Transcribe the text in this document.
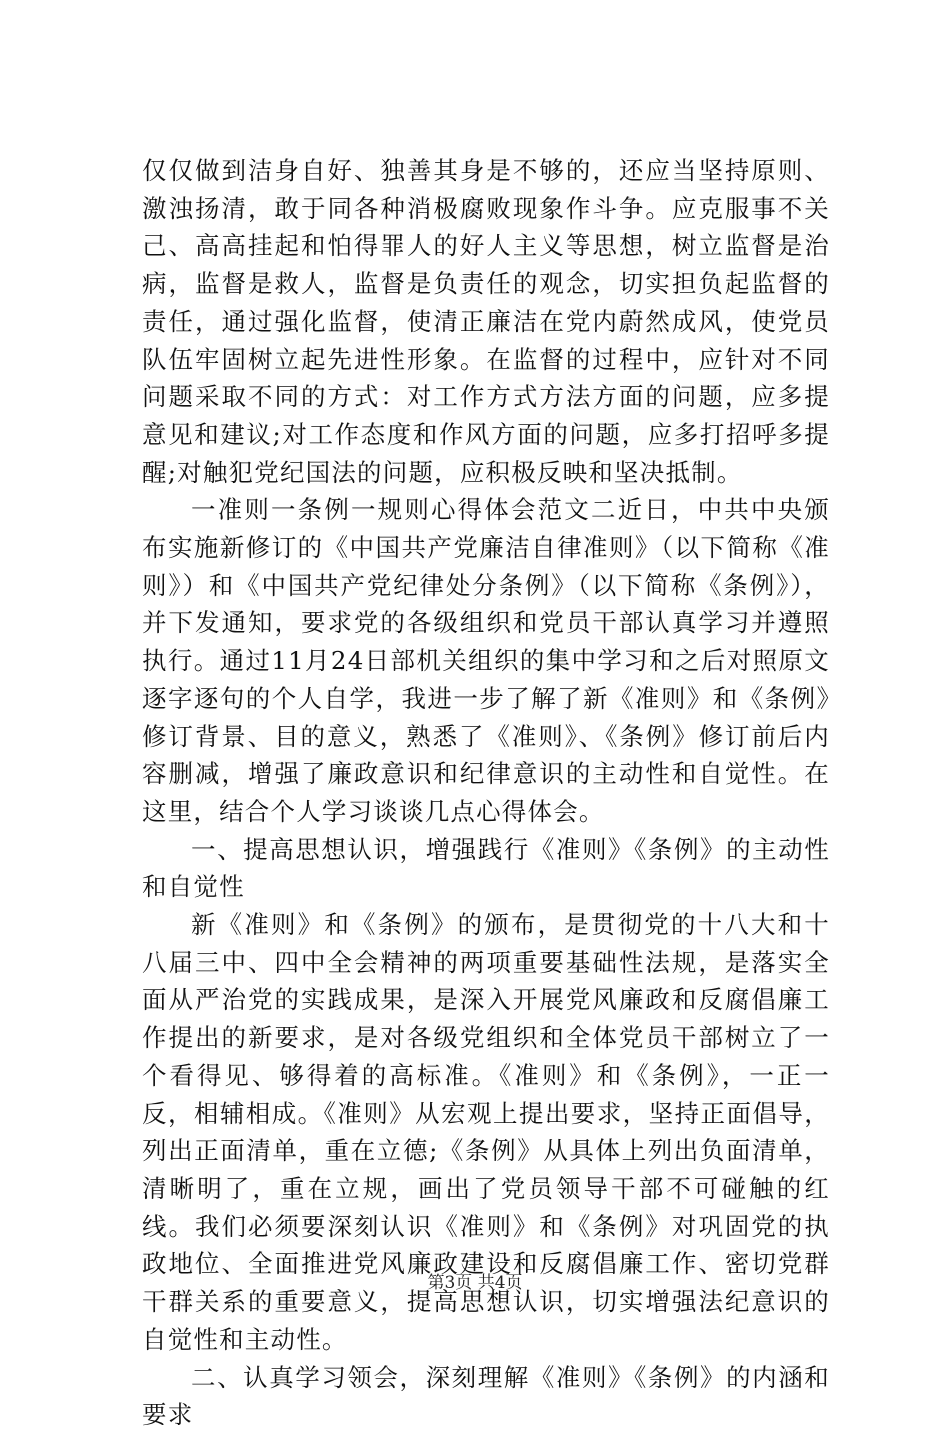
仅仅做到洁身自好、独善其身是不够的，还应当坚持原则、激浊扬清，敢于同各种消极腐败现象作斗争。应克服事不关己、高高挂起和怕得罪人的好人主义等思想，树立监督是治病，监督是救人，监督是负责任的观念，切实担负起监督的责任，通过强化监督，使清正廉洁在党内蔚然成风，使党员队伍牢固树立起先进性形象。在监督的过程中，应针对不同问题采取不同的方式：对工作方式方法方面的问题，应多提意见和建议;对工作态度和作风方面的问题，应多打招呼多提醒;对触犯党纪国法的问题，应积极反映和坚决抵制。

一准则一条例一规则心得体会范文二近日，中共中央颁布实施新修订的《中国共产党廉洁自律准则》（以下简称《准则》）和《中国共产党纪律处分条例》（以下简称《条例》），并下发通知，要求党的各级组织和党员干部认真学习并遵照执行。通过11月24日部机关组织的集中学习和之后对照原文逐字逐句的个人自学，我进一步了解了新《准则》和《条例》修订背景、目的意义，熟悉了《准则》、《条例》修订前后内容删减，增强了廉政意识和纪律意识的主动性和自觉性。在这里，结合个人学习谈谈几点心得体会。

一、提高思想认识，增强践行《准则》《条例》的主动性和自觉性

新《准则》和《条例》的颁布，是贯彻党的十八大和十八届三中、四中全会精神的两项重要基础性法规，是落实全面从严治党的实践成果，是深入开展党风廉政和反腐倡廉工作提出的新要求，是对各级党组织和全体党员干部树立了一个看得见、够得着的高标准。《准则》和《条例》，一正一反，相辅相成。《准则》从宏观上提出要求，坚持正面倡导，列出正面清单，重在立德;《条例》从具体上列出负面清单，清晰明了，重在立规，画出了党员领导干部不可碰触的红线。我们必须要深刻认识《准则》和《条例》对巩固党的执政地位、全面推进党风廉政建设和反腐倡廉工作、密切党群干群关系的重要意义，提高思想认识，切实增强法纪意识的自觉性和主动性。

二、认真学习领会，深刻理解《准则》《条例》的内涵和要求

第3页 共4页
